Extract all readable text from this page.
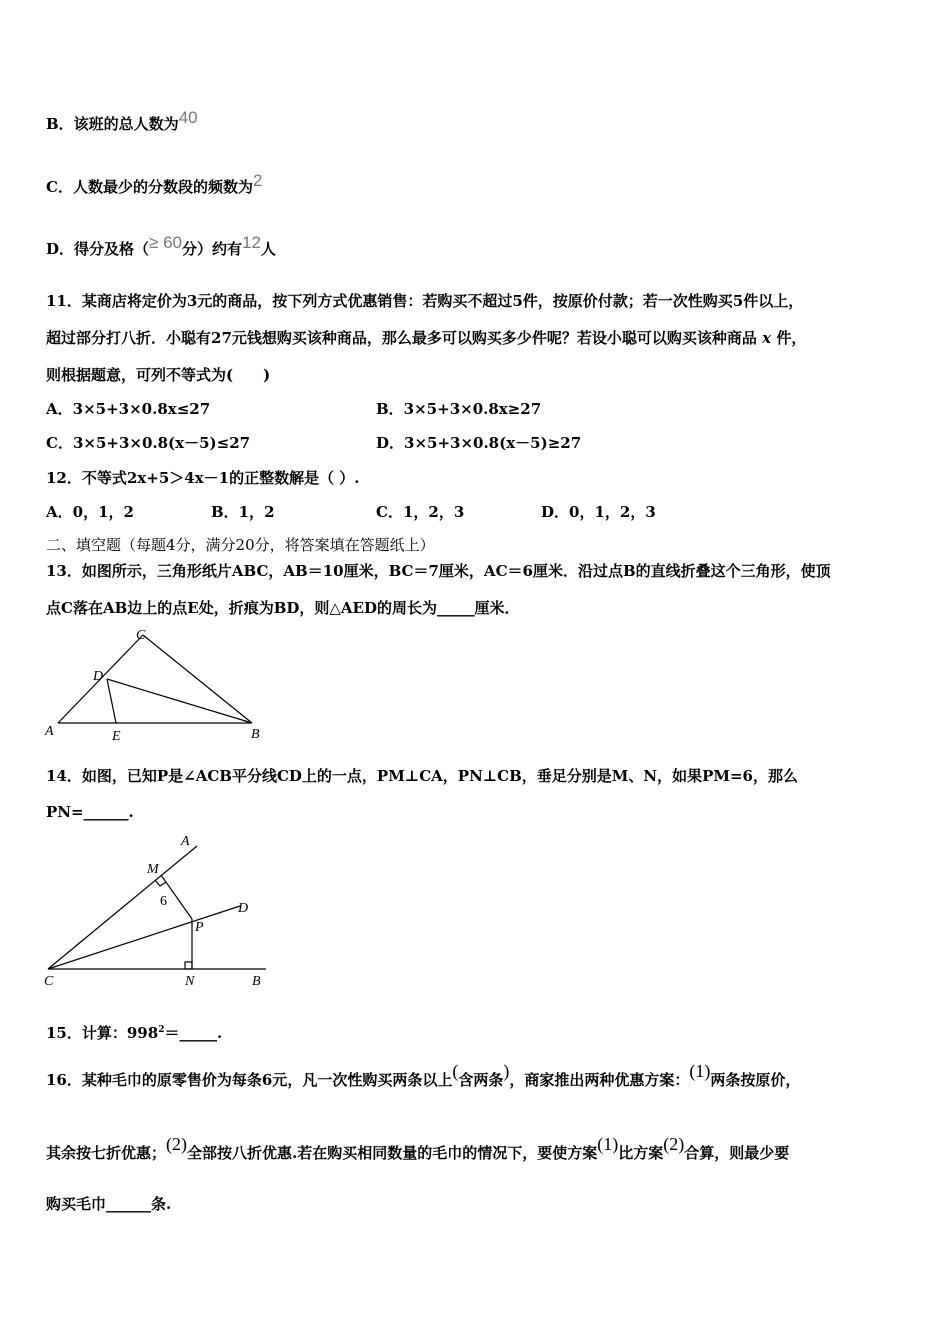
B．该班的总人数为40
C．人数最少的分数段的频数为2
D．得分及格（≥ 60分）约有12人
11．某商店将定价为3元的商品，按下列方式优惠销售：若购买不超过5件，按原价付款；若一次性购买5件以上，
超过部分打八折．小聪有27元钱想购买该种商品，那么最多可以购买多少件呢？若设小聪可以购买该种商品 x 件，
则根据题意，可列不等式为(　　)
A．3×5+3×0.8x≤27	B．3×5+3×0.8x≥27
C．3×5+3×0.8(x－5)≤27	D．3×5+3×0.8(x－5)≥27
12．不等式2x+5＞4x－1的正整数解是（ ）.
A．0，1，2	B．1，2	C．1，2，3	D．0，1，2，3
二、填空题（每题4分，满分20分，将答案填在答题纸上）
13．如图所示，三角形纸片ABC，AB＝10厘米，BC＝7厘米，AC＝6厘米．沿过点B的直线折叠这个三角形，使顶
点C落在AB边上的点E处，折痕为BD，则△AED的周长为_____厘米．
C
D
A	E	B
14．如图，已知P是∠ACB平分线CD上的一点，PM⊥CA，PN⊥CB，垂足分别是M、N，如果PM=6，那么
PN=______.
A
M
6	D
P
C	N	B
15．计算：$998^2=\_\_\_\_\_$.
16．某种毛巾的原零售价为每条6元，凡一次性购买两条以上(含两条)，商家推出两种优惠方案：(1)两条按原价，
其余按七折优惠；(2)全部按八折优惠.若在购买相同数量的毛巾的情况下，要使方案(1)比方案(2)合算，则最少要
购买毛巾______条.
